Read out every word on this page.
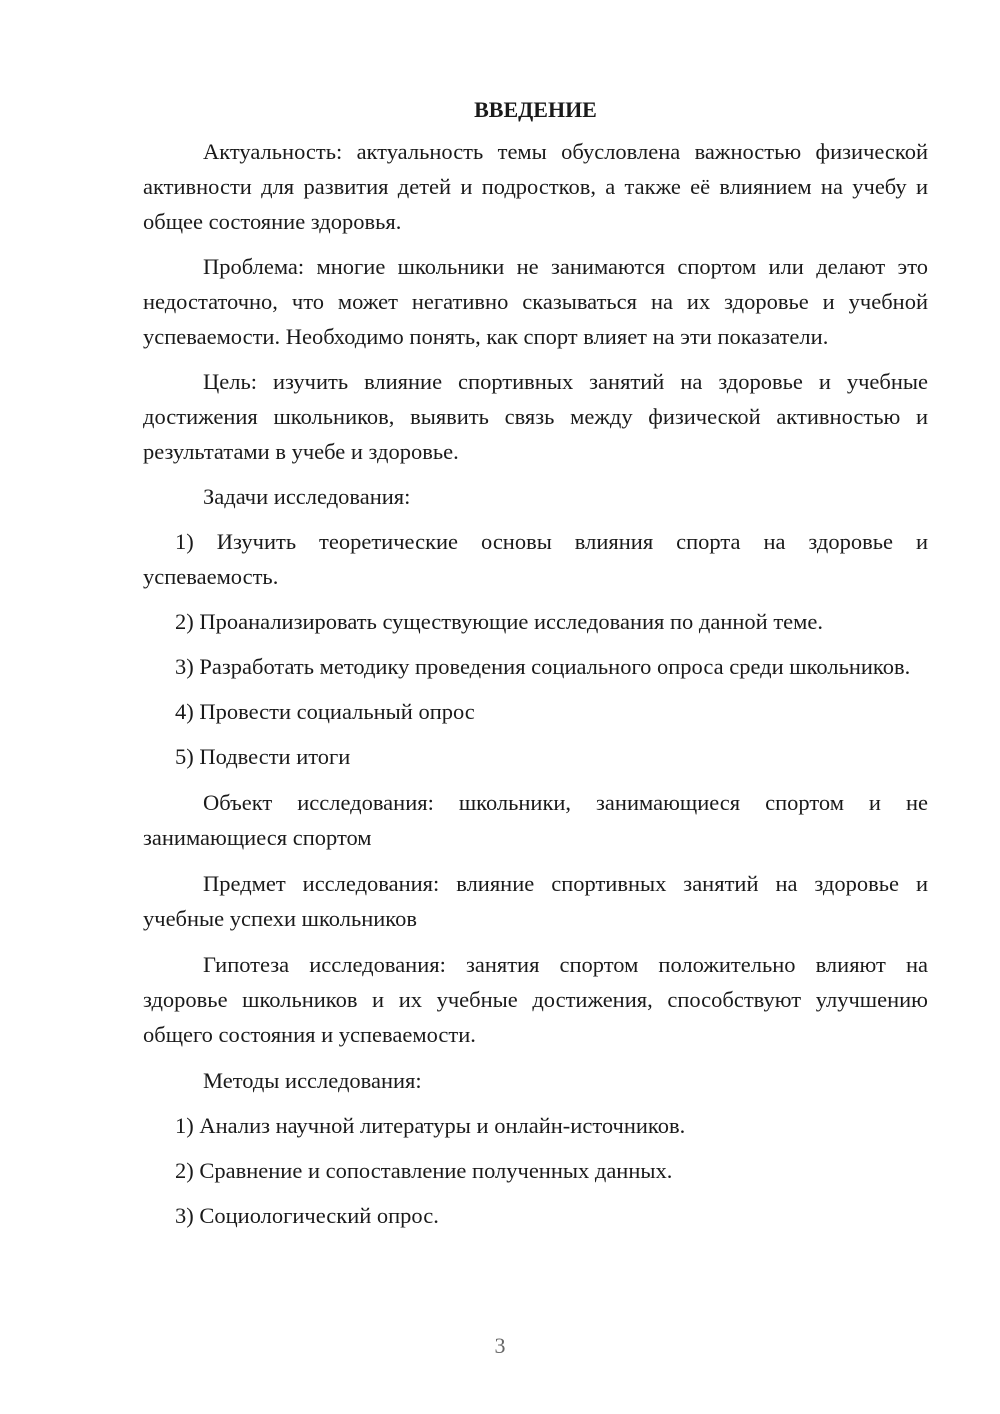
ВВЕДЕНИЕ

Актуальность: актуальность темы обусловлена важностью физической активности для развития детей и подростков, а также её влиянием на учебу и общее состояние здоровья.

Проблема: многие школьники не занимаются спортом или делают это недостаточно, что может негативно сказываться на их здоровье и учебной успеваемости. Необходимо понять, как спорт влияет на эти показатели.

Цель: изучить влияние спортивных занятий на здоровье и учебные достижения школьников, выявить связь между физической активностью и результатами в учебе и здоровье.

Задачи исследования:

1) Изучить теоретические основы влияния спорта на здоровье и успеваемость.

2) Проанализировать существующие исследования по данной теме.

3) Разработать методику проведения социального опроса среди школьников.

4) Провести социальный опрос

5) Подвести итоги

Объект исследования: школьники, занимающиеся спортом и не занимающиеся спортом

Предмет исследования: влияние спортивных занятий на здоровье и учебные успехи школьников

Гипотеза исследования: занятия спортом положительно влияют на здоровье школьников и их учебные достижения, способствуют улучшению общего состояния и успеваемости.

Методы исследования:

1) Анализ научной литературы и онлайн-источников.

2) Сравнение и сопоставление полученных данных.

3) Социологический опрос.

3
